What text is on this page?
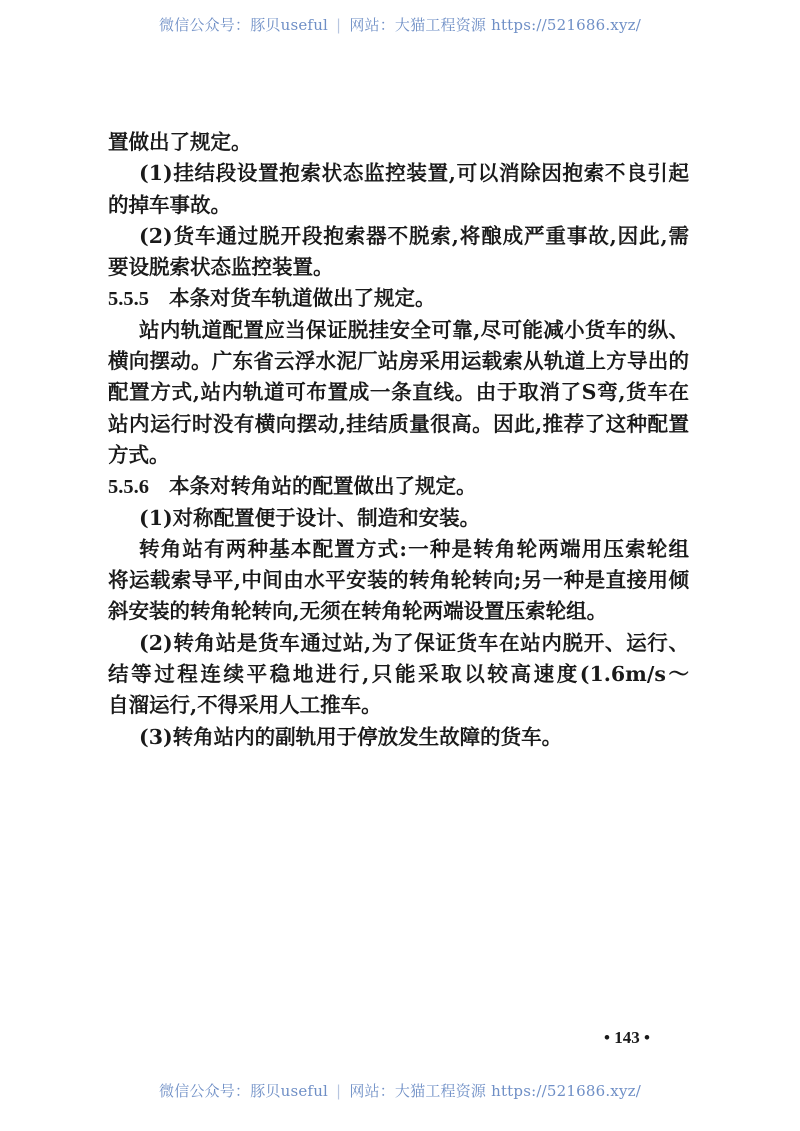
微信公众号：豚贝useful | 网站：大猫工程资源 https://521686.xyz/
置做出了规定。
(1)挂结段设置抱索状态监控装置,可以消除因抱索不良引起
的掉车事故。
(2)货车通过脱开段抱索器不脱索,将酿成严重事故,因此,需
要设脱索状态监控装置。
5.5.5 本条对货车轨道做出了规定。
站内轨道配置应当保证脱挂安全可靠,尽可能减小货车的纵、
横向摆动。广东省云浮水泥厂站房采用运载索从轨道上方导出的
配置方式,站内轨道可布置成一条直线。由于取消了S弯,货车在
站内运行时没有横向摆动,挂结质量很高。因此,推荐了这种配置
方式。
5.5.6 本条对转角站的配置做出了规定。
(1)对称配置便于设计、制造和安装。
转角站有两种基本配置方式:一种是转角轮两端用压索轮组
将运载索导平,中间由水平安装的转角轮转向;另一种是直接用倾
斜安装的转角轮转向,无须在转角轮两端设置压索轮组。
(2)转角站是货车通过站,为了保证货车在站内脱开、运行、
结等过程连续平稳地进行,只能采取以较高速度(1.6m/s～
自溜运行,不得采用人工推车。
(3)转角站内的副轨用于停放发生故障的货车。
• 143 •
微信公众号：豚贝useful | 网站：大猫工程资源 https://521686.xyz/
